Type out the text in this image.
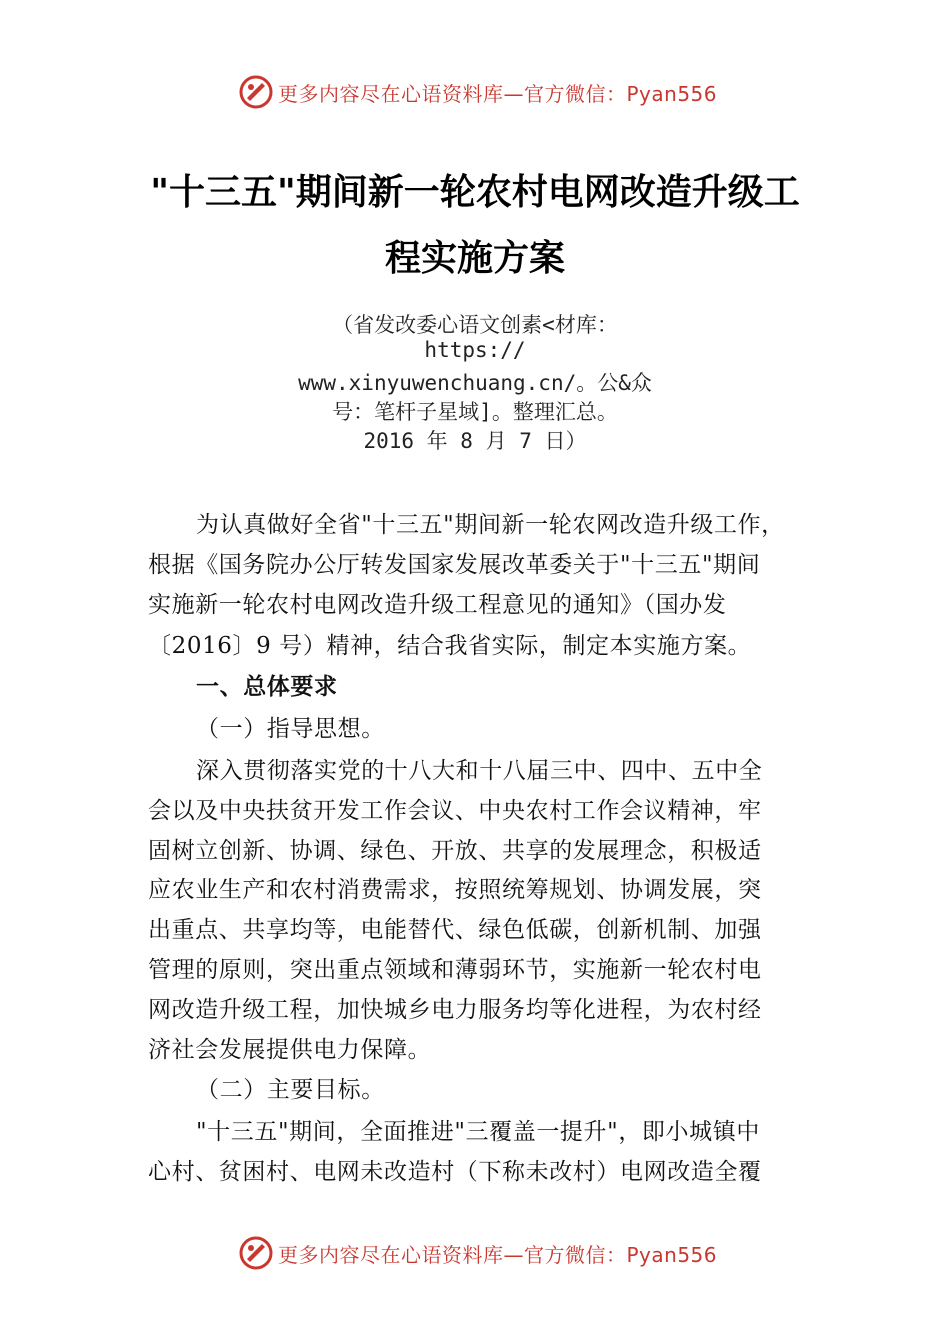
更多内容尽在心语资料库—官方微信：Pyan556
"十三五"期间新一轮农村电网改造升级工
程实施方案
（省发改委心语文创素<材库：
https://
www.xinyuwenchuang.cn/。公&众
号：笔杆子星域]。整理汇总。
2016 年 8 月 7 日）
为认真做好全省"十三五"期间新一轮农网改造升级工作，
根据《国务院办公厅转发国家发展改革委关于"十三五"期间
实施新一轮农村电网改造升级工程意见的通知》（国办发
〔2016〕9 号）精神，结合我省实际，制定本实施方案。
一、总体要求
（一）指导思想。
深入贯彻落实党的十八大和十八届三中、四中、五中全
会以及中央扶贫开发工作会议、中央农村工作会议精神，牢
固树立创新、协调、绿色、开放、共享的发展理念，积极适
应农业生产和农村消费需求，按照统筹规划、协调发展，突
出重点、共享均等，电能替代、绿色低碳，创新机制、加强
管理的原则，突出重点领域和薄弱环节，实施新一轮农村电
网改造升级工程，加快城乡电力服务均等化进程，为农村经
济社会发展提供电力保障。
（二）主要目标。
"十三五"期间，全面推进"三覆盖一提升"，即小城镇中
心村、贫困村、电网未改造村（下称未改村）电网改造全覆
更多内容尽在心语资料库—官方微信：Pyan556
